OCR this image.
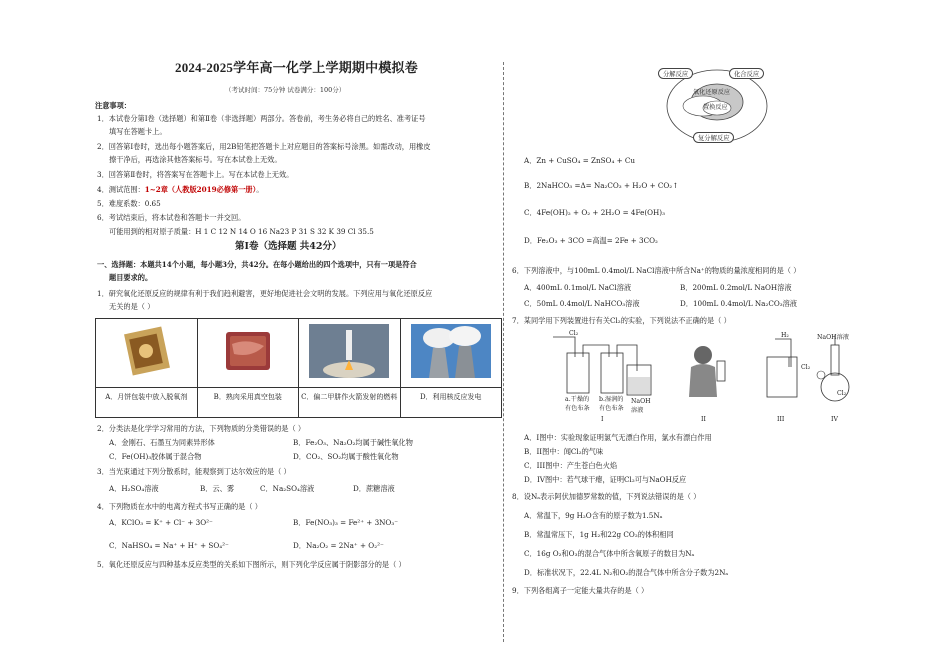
2024-2025学年高一化学上学期期中模拟卷
（考试时间：75分钟 试卷满分：100分）
注意事项：
1．本试卷分第Ⅰ卷（选择题）和第Ⅱ卷（非选择题）两部分。答卷前，考生务必将自己的姓名、准考证号
填写在答题卡上。
2．回答第Ⅰ卷时，选出每小题答案后，用2B铅笔把答题卡上对应题目的答案标号涂黑。如需改动，用橡皮
擦干净后，再选涂其他答案标号。写在本试卷上无效。
3．回答第Ⅱ卷时，将答案写在答题卡上。写在本试卷上无效。
4．测试范围：1~2章（人教版2019必修第一册）。
5．难度系数：0.65
6．考试结束后，将本试卷和答题卡一并交回。
可能用到的相对原子质量：H 1 C 12 N 14 O 16 Na23 P 31 S 32 K 39 Cl 35.5
第Ⅰ卷（选择题 共42分）
一、选择题：本题共14个小题，每小题3分，共42分。在每小题给出的四个选项中，只有一项是符合
题目要求的。
1．研究氧化还原反应的规律有利于我们趋利避害，更好地促进社会文明的发展。下列应用与氧化还原反应
无关的是（ ）
A．月饼包装中放入脱氧剂	B．熟肉采用真空包装	C．偏二甲肼作火箭发射的燃料	D．利用核反应发电
2．分类法是化学学习常用的方法，下列物质的分类错误的是（ ）
A．金刚石、石墨互为同素异形体	B．Fe₂O₃、Na₂O₂均属于碱性氧化物
C．Fe(OH)₃胶体属于混合物	D．CO₂、SO₂均属于酸性氧化物
3．当光束通过下列分散系时，能观察到丁达尔效应的是（ ）
A．H₂SO₄溶液	B．云、雾	C．Na₂SO₄溶液	D．蔗糖溶液
4．下列物质在水中的电离方程式书写正确的是（ ）
A．KClO₃ = K⁺ + Cl⁻ + 3O²⁻	B．Fe(NO₃)₃ = Fe²⁺ + 3NO₃⁻
C．NaHSO₄ = Na⁺ + H⁺ + SO₄²⁻	D．Na₂O₂ = 2Na⁺ + O₂²⁻
5．氧化还原反应与四种基本反应类型的关系如下图所示，则下列化学反应属于阴影部分的是（ ）
分解反应	化合反应
氧化还原反应
置换反应
复分解反应
A．Zn + CuSO₄ = ZnSO₄ + Cu
B．2NaHCO₃ =Δ= Na₂CO₃ + H₂O + CO₂↑
C．4Fe(OH)₂ + O₂ + 2H₂O = 4Fe(OH)₃
D．Fe₂O₃ + 3CO =高温= 2Fe + 3CO₂
6．下列溶液中，与100mL 0.4mol/L NaCl溶液中所含Na⁺的物质的量浓度相同的是（ ）
A．400mL 0.1mol/L NaCl溶液	B．200mL 0.2mol/L NaOH溶液
C．50mL 0.4mol/L NaHCO₃溶液	D．100mL 0.4mol/L Na₂CO₃溶液
7．某同学用下列装置进行有关Cl₂的实验，下列说法不正确的是（ ）
Cl₂
a.干燥的有色布条
b.湿润的有色布条
NaOH溶液
H₂
Cl₂
NaOH溶液
Cl₂
I	II	III	IV
A．I图中：实验现象证明氯气无漂白作用，氯水有漂白作用
B．II图中：闻Cl₂的气味
C．III图中：产生苍白色火焰
D．IV图中：若气球干瘪，证明Cl₂可与NaOH反应
8．设Nₐ表示阿伏加德罗常数的值，下列说法错误的是（ ）
A．常温下，9g H₂O含有的原子数为1.5Nₐ
B．常温常压下，1g H₂和22g CO₂的体积相同
C．16g O₂和O₃的混合气体中所含氧原子的数目为Nₐ
D．标准状况下，22.4L N₂和O₂的混合气体中所含分子数为2Nₐ
9．下列各组离子一定能大量共存的是（ ）
